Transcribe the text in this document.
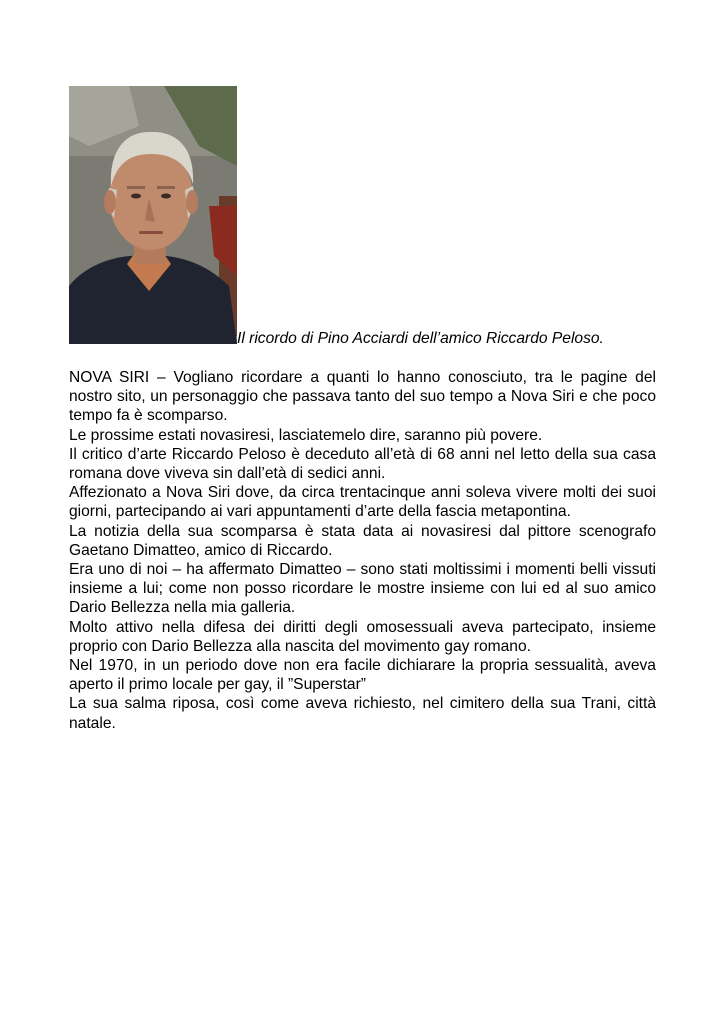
Il ricordo di Pino Acciardi dell’amico Riccardo Peloso.

NOVA SIRI – Vogliano ricordare a quanti lo hanno conosciuto, tra le pagine del nostro sito, un personaggio che passava tanto del suo tempo a Nova Siri e che poco tempo fa è scomparso.

Le prossime estati novasiresi, lasciatemelo dire, saranno più povere.

Il critico d’arte Riccardo Peloso è deceduto all’età di 68 anni nel letto della sua casa romana dove viveva sin dall’età di sedici anni.

Affezionato a Nova Siri dove, da circa trentacinque anni soleva vivere molti dei suoi giorni, partecipando ai vari appuntamenti d’arte della fascia metapontina.

La notizia della sua scomparsa è stata data ai novasiresi dal pittore scenografo Gaetano Dimatteo, amico di Riccardo.

Era uno di noi – ha affermato Dimatteo – sono stati moltissimi i momenti belli vissuti insieme a lui; come non posso ricordare le mostre insieme con lui ed al suo amico Dario Bellezza nella mia galleria.

Molto attivo nella difesa dei diritti degli omosessuali aveva partecipato, insieme proprio con Dario Bellezza alla nascita del movimento gay romano.

Nel 1970, in un periodo dove non era facile dichiarare la propria sessualità, aveva aperto il primo locale per gay, il ”Superstar”

La sua salma riposa, così come aveva richiesto, nel cimitero della sua Trani, città natale.
